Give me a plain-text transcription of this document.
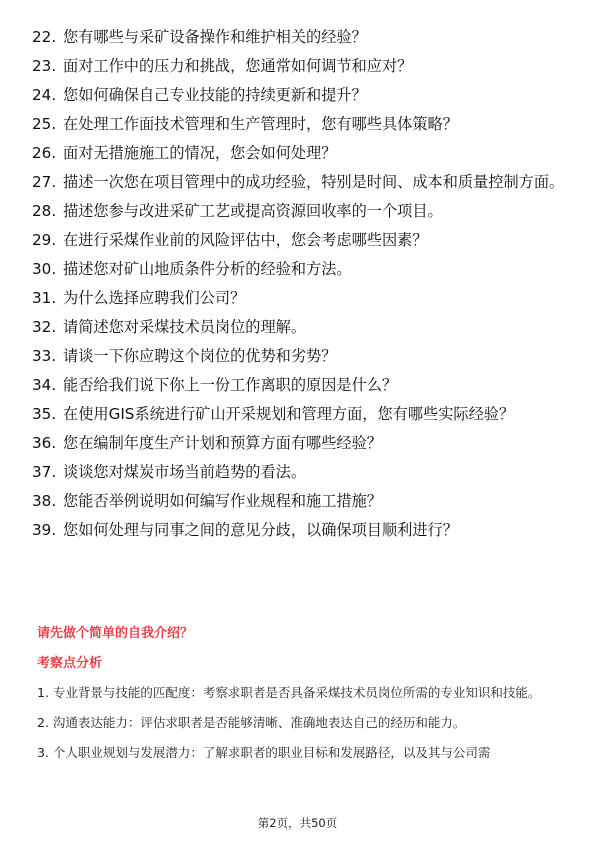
22. 您有哪些与采矿设备操作和维护相关的经验？
23. 面对工作中的压力和挑战，您通常如何调节和应对？
24. 您如何确保自己专业技能的持续更新和提升？
25. 在处理工作面技术管理和生产管理时，您有哪些具体策略？
26. 面对无措施施工的情况，您会如何处理？
27. 描述一次您在项目管理中的成功经验，特别是时间、成本和质量控制方面。
28. 描述您参与改进采矿工艺或提高资源回收率的一个项目。
29. 在进行采煤作业前的风险评估中，您会考虑哪些因素？
30. 描述您对矿山地质条件分析的经验和方法。
31. 为什么选择应聘我们公司？
32. 请简述您对采煤技术员岗位的理解。
33. 请谈一下你应聘这个岗位的优势和劣势？
34. 能否给我们说下你上一份工作离职的原因是什么？
35. 在使用GIS系统进行矿山开采规划和管理方面，您有哪些实际经验？
36. 您在编制年度生产计划和预算方面有哪些经验？
37. 谈谈您对煤炭市场当前趋势的看法。
38. 您能否举例说明如何编写作业规程和施工措施？
39. 您如何处理与同事之间的意见分歧，以确保项目顺利进行？
请先做个简单的自我介绍？
考察点分析

1. 专业背景与技能的匹配度：考察求职者是否具备采煤技术员岗位所需的专业知识和技能。

2. 沟通表达能力：评估求职者是否能够清晰、准确地表达自己的经历和能力。

3. 个人职业规划与发展潜力：了解求职者的职业目标和发展路径，以及其与公司需

第2页，共50页
